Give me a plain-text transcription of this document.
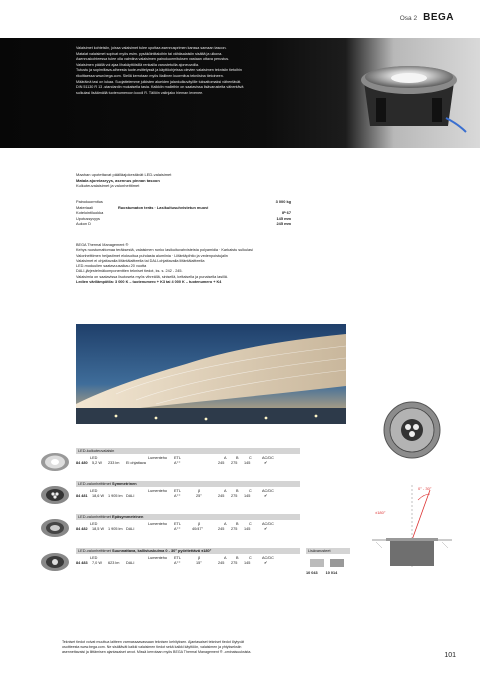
Osa 2 BEGA
Valaisimet kohteisiin, joissa valaisimet tulee upottaa asennusprimen kanssa samaan tasoon.
Matalat valaisimet sopivat myös esim. pysäköintitaloihin tai vähäsalaisiin sisältä ja ulkona.
Asennuskohteessa tulee olla valmiina valaisimen painokuormituksen vastaan ottava perustus.
Valaisimen päällä voi ajaa lihakäyttöisillä renkailla varustetuilla ajoneuvoilla.
Tutustu ja sopimiltava-alheesta tuote-esittelyssä ja käyttöohjeissa olevien valaisimen teknisiin tietoihin
rikoittaessa www.bega.com. Siellä kerrotaan myös liiallinen kuormitus tekniisina tietoineen.
Määräinä tasi on lukaa. Suojattelemme julkisten alueiden jalankulkuväylille tuksattomaksi vähentävät.
DIN 51130 R 13 -standardin mukaisella tasia. Kaikkiin malleihin on saatavissa lisävarusteita vähentävä
sulkulasi lisäämällä tuotenumeroon koodi R. Tällöin valinjako hieman levenee.
Maahan upotettavat päälläajokestävät LED-valaisimet
Matala ajoreiasryys, asennus pinnan tasoon
Kulkuteuvalaisimet ja valonheittimet
Painokuormitus	3 000 kg
Materiaali	Ruostumaton teräs · Lasikuitusuhvistetun muovi
Kotelointiluokka	IP 67
Upotussyvyys	145 mm
Aukon D	245 mm
BEGA Thermal Management ®
Kehys ruostumattomaa teräksestä, valaisimen runko lasikuituvahvisteista polyamidia · Karkaistu sulkulasi
Valonheittimen heijastimet eloksoitua puhdasta alumiinia · Liitäntäpihtio ja vedenpoistujalin
Valaisimet ei ohjattavalla liitäntälaitteella tai DALI-ohjattavalla liitäntälaitteella
LED-moduulien saatavuusaikau 20 vuotta
DALI-järjestelmäkomponenttien tekniset tiedot, ks. s. 242 - 245.
Valaisimia on saatavissa lisutoseta myös vihreällä, sinisellä, keltaisella ja punaisella lasillä.
Ledien värilämpötila: 3 000 K – tuotenumero + K3 tai 4 000 K – tuotenumero + K4
0° - 30°
±180°
LED-kulkuteuvalaisin
LED	Lumenteho ETL	A B	C	AC/DC
84 480 5,2 W 233 lm Ei ohjattava	A⁺⁺	245 275 145	✔
LED-valonheittimet Symmetrinen
LED	Lumenteho ETL	β	A B	C	AC/DC
84 481 18,6 W 1 905 lm DALI	A⁺⁺	25°	245 275 145	✔
LED-valonheittimet Epäsymmetrinen
LED	Lumenteho ETL	β	A B	C	AC/DC
84 482 18,5 W 1 905 lm DALI	A⁺⁺	40/47°	245 275 145	✔
LED-valonheittimet Suunnattava, kallistuskulma 0 - 30° pyöritettävä ±180°
LED	Lumenteho ETL	β	A B	C	AC/DC
84 483 7,0 W 623 lm DALI	A⁺⁺	15°	245 275 145	✔
Lisävarusteet
10 043 10 014
Tekniset tiedot voivat muuttua laitteen varmassaavassaan teknisen kehityksen. Ajantasaiset tekniset tiedot löytyvät
osoitteesta www.bega.com. Ne sisältävät kaikki valaisimen tiedot sekä kaikki käyttöön, valaisimen ja yhtykseksiin
asennettavaisi ja liittämisen ajantasaiset arvot. Missä kerrotaan myös BEGA Thermal Management ® -ominaisuuksista.	101
